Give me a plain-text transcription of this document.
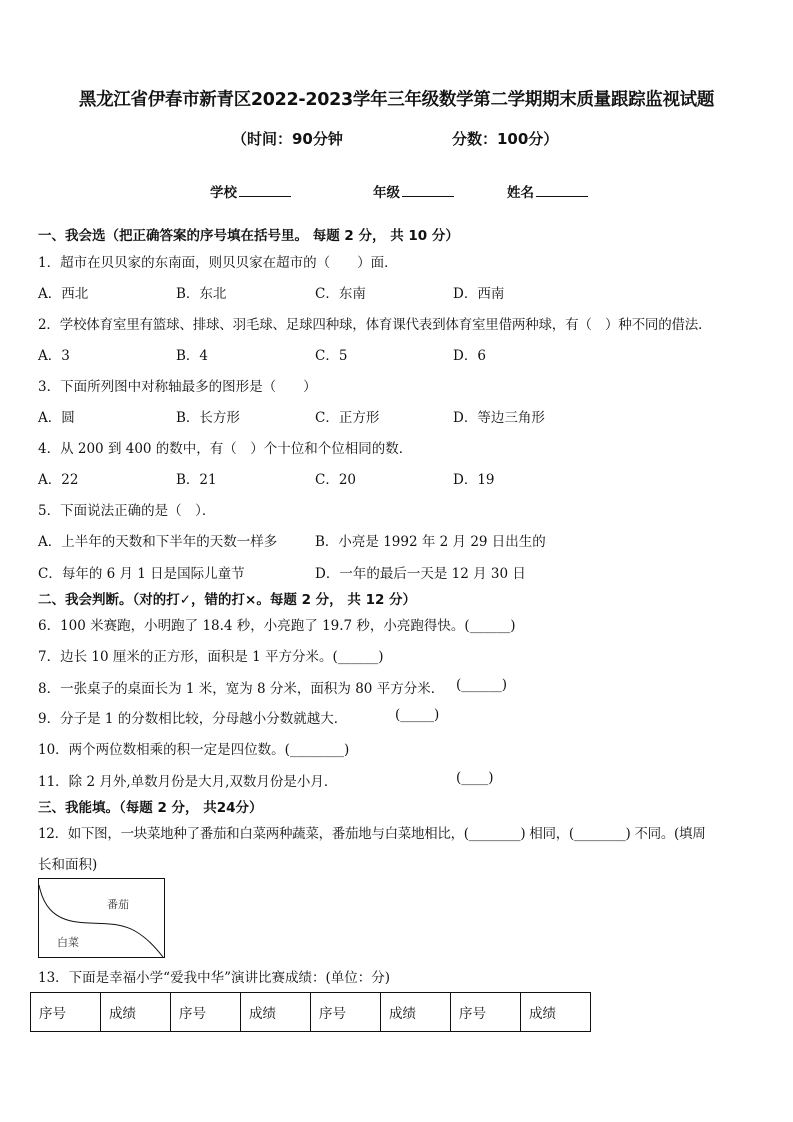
黑龙江省伊春市新青区2022-2023学年三年级数学第二学期期末质量跟踪监视试题
（时间：90分钟	分数：100分）
学校	年级	姓名
一、我会选（把正确答案的序号填在括号里。 每题 2 分， 共 10 分）
1．超市在贝贝家的东南面，则贝贝家在超市的（　　）面．
A．西北	B．东北	C．东南	D．西南
2．学校体育室里有篮球、排球、羽毛球、足球四种球，体育课代表到体育室里借两种球，有（　）种不同的借法．
A．3	B．4	C．5	D．6
3．下面所列图中对称轴最多的图形是（　　）
A．圆	B．长方形	C．正方形	D．等边三角形
4．从 200 到 400 的数中，有（　）个十位和个位相同的数．
A．22	B．21	C．20	D．19
5．下面说法正确的是（　）．
A．上半年的天数和下半年的天数一样多	B．小亮是 1992 年 2 月 29 日出生的
C．每年的 6 月 1 日是国际儿童节	D．一年的最后一天是 12 月 30 日
二、我会判断。（对的打✓，错的打×。每题 2 分， 共 12 分）
6．100 米赛跑，小明跑了 18.4 秒，小亮跑了 19.7 秒，小亮跑得快。(______)
7．边长 10 厘米的正方形，面积是 1 平方分米。(______)
8．一张桌子的桌面长为 1 米，宽为 8 分米，面积为 80 平方分米． (______)
9．分子是 1 的分数相比较，分母越小分数就越大．	(_____)
10．两个两位数相乘的积一定是四位数。(________)
11．除 2 月外,单数月份是大月,双数月份是小月．	(____)
三、我能填。（每题 2 分， 共24分）
12．如下图，一块菜地种了番茄和白菜两种蔬菜，番茄地与白菜地相比，(________) 相同，(________) 不同。(填周
长和面积)
番茄
白菜
13．下面是幸福小学“爱我中华”演讲比赛成绩：(单位：分)
序号	成绩	序号	成绩	序号	成绩	序号	成绩
